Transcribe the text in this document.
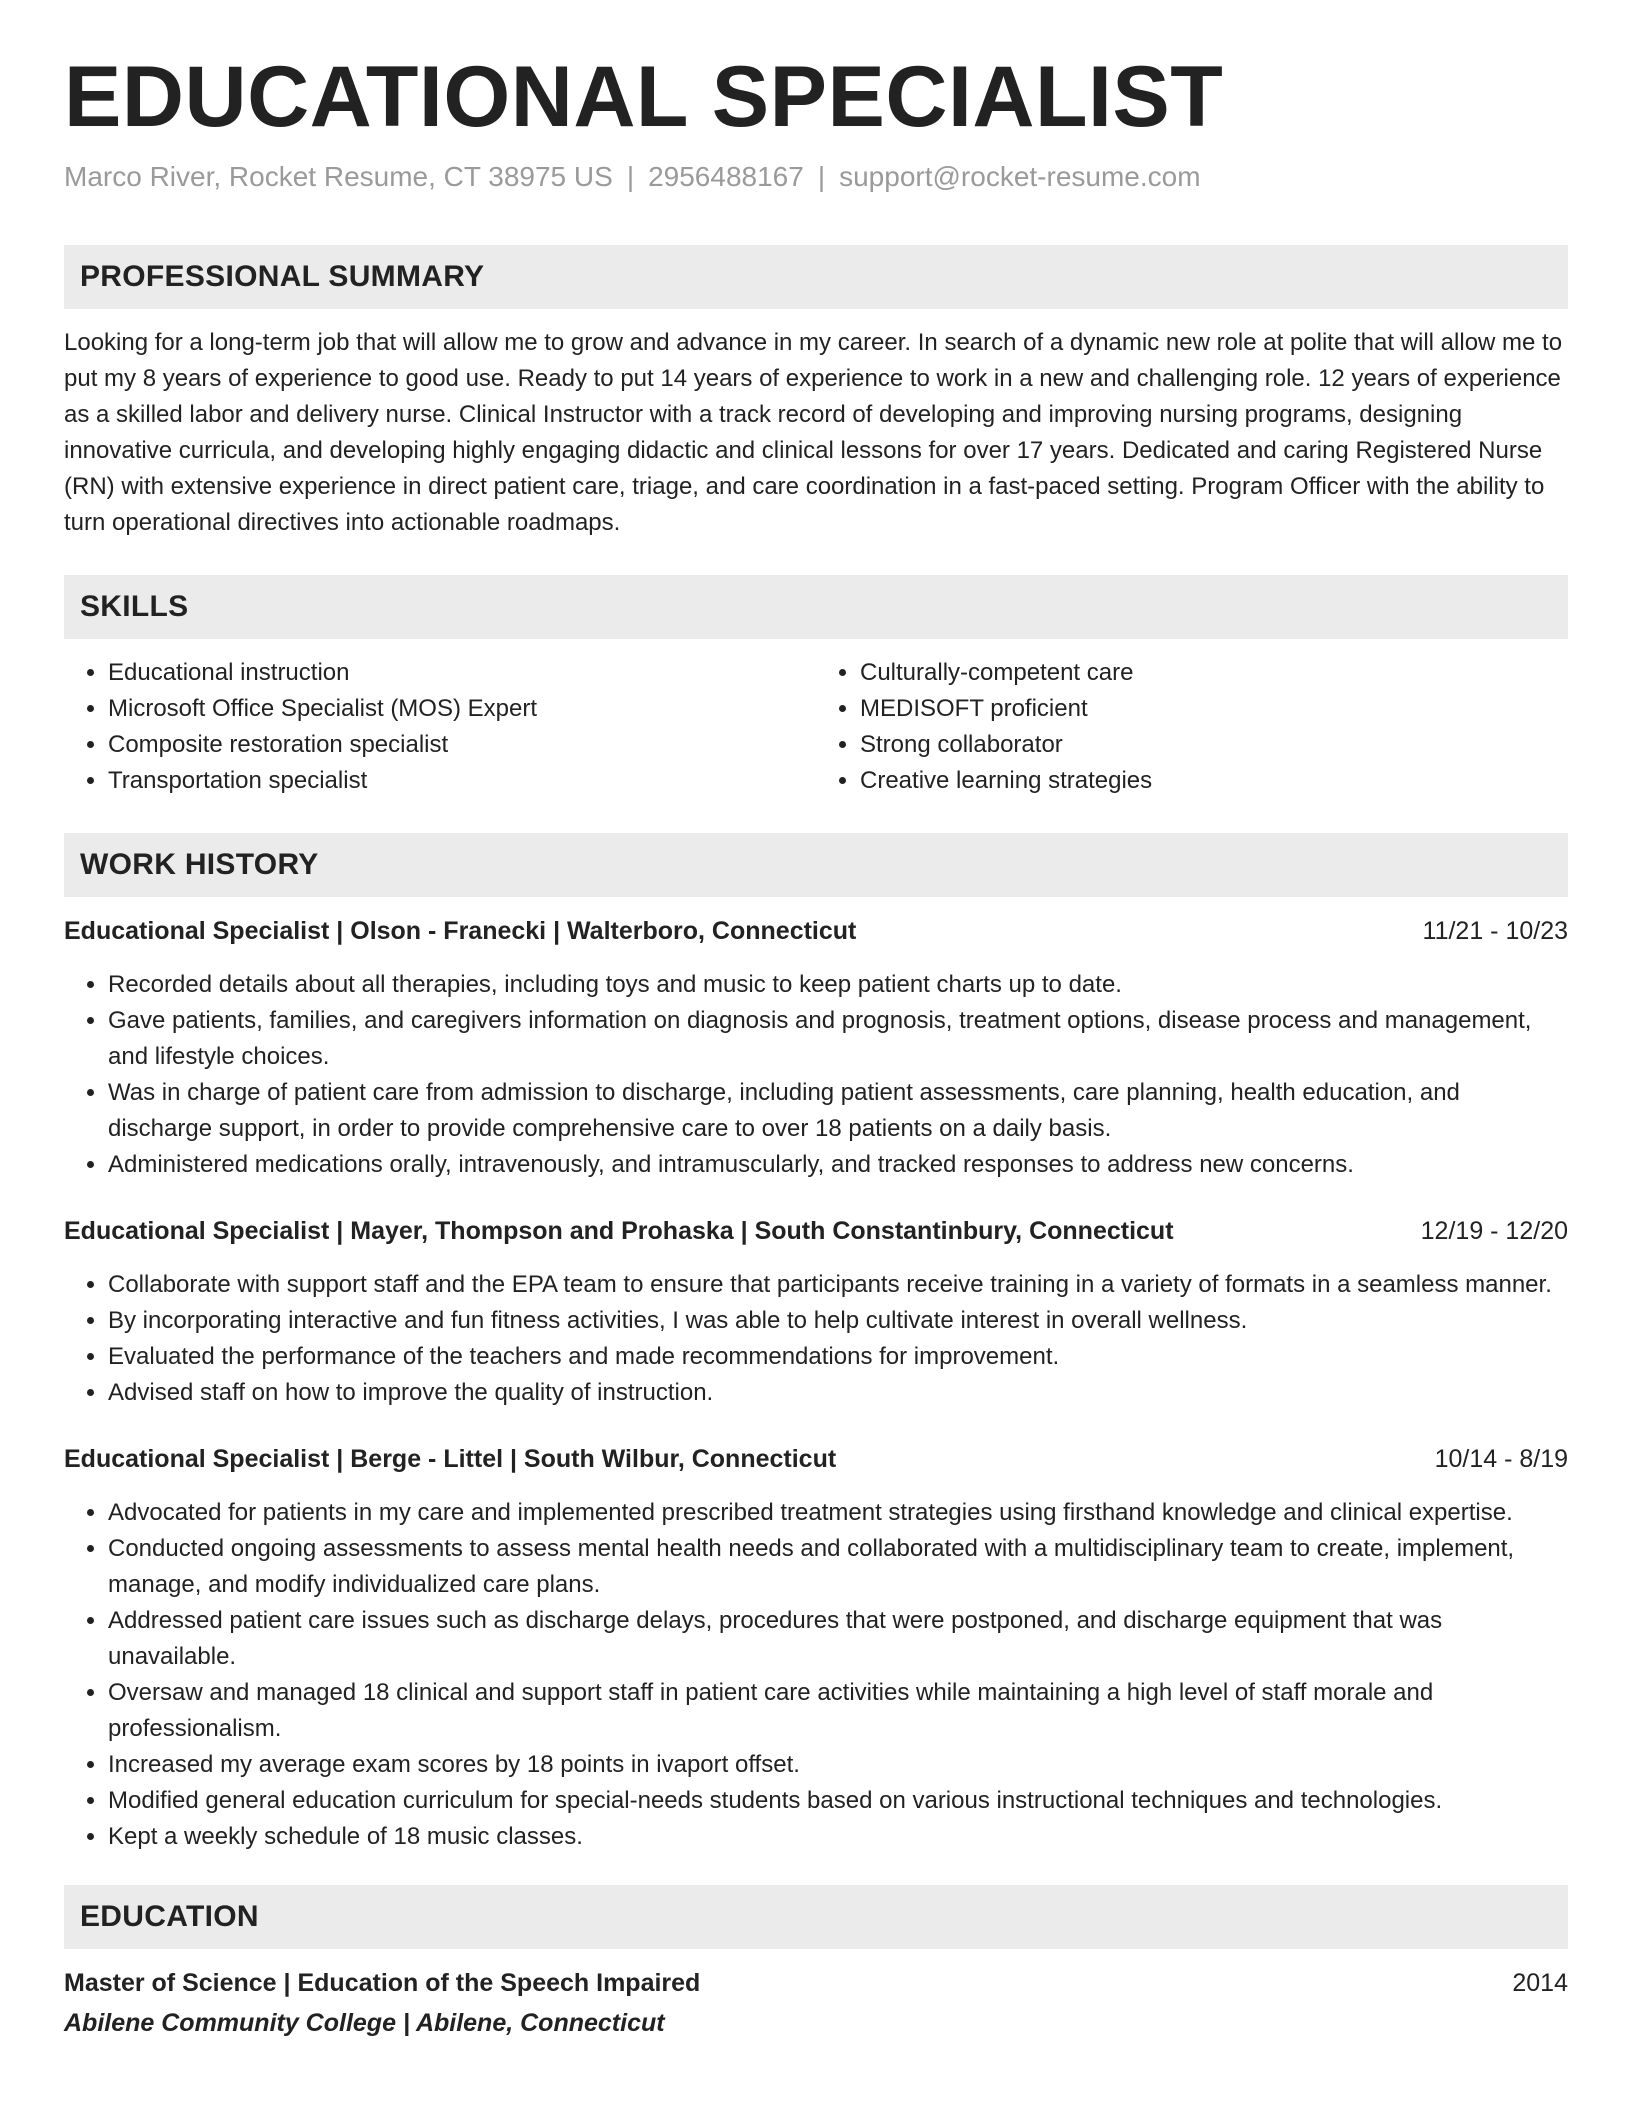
EDUCATIONAL SPECIALIST
Marco River, Rocket Resume, CT 38975 US | 2956488167 | support@rocket-resume.com
PROFESSIONAL SUMMARY
Looking for a long-term job that will allow me to grow and advance in my career. In search of a dynamic new role at polite that will allow me to put my 8 years of experience to good use. Ready to put 14 years of experience to work in a new and challenging role. 12 years of experience as a skilled labor and delivery nurse. Clinical Instructor with a track record of developing and improving nursing programs, designing innovative curricula, and developing highly engaging didactic and clinical lessons for over 17 years. Dedicated and caring Registered Nurse (RN) with extensive experience in direct patient care, triage, and care coordination in a fast-paced setting. Program Officer with the ability to turn operational directives into actionable roadmaps.
SKILLS
• Educational instruction
• Microsoft Office Specialist (MOS) Expert
• Composite restoration specialist
• Transportation specialist
• Culturally-competent care
• MEDISOFT proficient
• Strong collaborator
• Creative learning strategies
WORK HISTORY
Educational Specialist | Olson - Franecki | Walterboro, Connecticut	11/21 - 10/23
• Recorded details about all therapies, including toys and music to keep patient charts up to date.
• Gave patients, families, and caregivers information on diagnosis and prognosis, treatment options, disease process and management, and lifestyle choices.
• Was in charge of patient care from admission to discharge, including patient assessments, care planning, health education, and discharge support, in order to provide comprehensive care to over 18 patients on a daily basis.
• Administered medications orally, intravenously, and intramuscularly, and tracked responses to address new concerns.
Educational Specialist | Mayer, Thompson and Prohaska | South Constantinbury, Connecticut	12/19 - 12/20
• Collaborate with support staff and the EPA team to ensure that participants receive training in a variety of formats in a seamless manner.
• By incorporating interactive and fun fitness activities, I was able to help cultivate interest in overall wellness.
• Evaluated the performance of the teachers and made recommendations for improvement.
• Advised staff on how to improve the quality of instruction.
Educational Specialist | Berge - Littel | South Wilbur, Connecticut	10/14 - 8/19
• Advocated for patients in my care and implemented prescribed treatment strategies using firsthand knowledge and clinical expertise.
• Conducted ongoing assessments to assess mental health needs and collaborated with a multidisciplinary team to create, implement, manage, and modify individualized care plans.
• Addressed patient care issues such as discharge delays, procedures that were postponed, and discharge equipment that was unavailable.
• Oversaw and managed 18 clinical and support staff in patient care activities while maintaining a high level of staff morale and professionalism.
• Increased my average exam scores by 18 points in ivaport offset.
• Modified general education curriculum for special-needs students based on various instructional techniques and technologies.
• Kept a weekly schedule of 18 music classes.
EDUCATION
Master of Science | Education of the Speech Impaired	2014
Abilene Community College | Abilene, Connecticut
